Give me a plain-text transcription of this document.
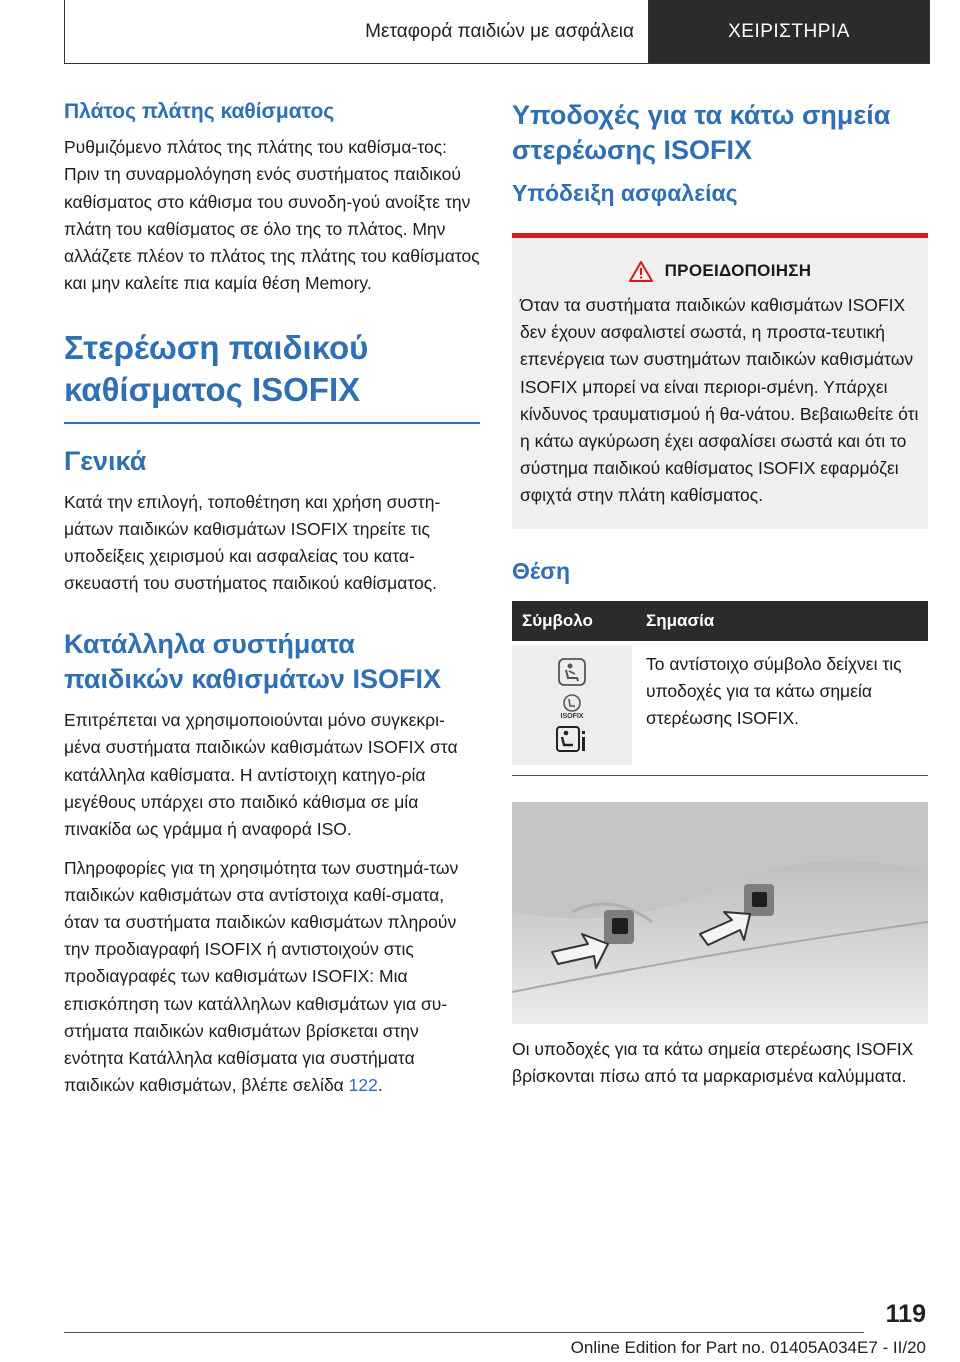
Μεταφορά παιδιών με ασφάλεια	ΧΕΙΡΙΣΤΗΡΙΑ
Πλάτος πλάτης καθίσματος

Ρυθμιζόμενο πλάτος της πλάτης του καθίσμα-τος: Πριν τη συναρμολόγηση ενός συστήματος παιδικού καθίσματος στο κάθισμα του συνοδη-γού ανοίξτε την πλάτη του καθίσματος σε όλο της το πλάτος. Μην αλλάζετε πλέον το πλάτος της πλάτης του καθίσματος και μην καλείτε πια καμία θέση Memory.

Στερέωση παιδικού καθίσματος ISOFIX
Γενικά

Κατά την επιλογή, τοποθέτηση και χρήση συστη-μάτων παιδικών καθισμάτων ISOFIX τηρείτε τις υποδείξεις χειρισμού και ασφαλείας του κατα-σκευαστή του συστήματος παιδικού καθίσματος.

Κατάλληλα συστήματα παιδικών καθισμάτων ISOFIX

Επιτρέπεται να χρησιμοποιούνται μόνο συγκεκρι-μένα συστήματα παιδικών καθισμάτων ISOFIX στα κατάλληλα καθίσματα. Η αντίστοιχη κατηγο-ρία μεγέθους υπάρχει στο παιδικό κάθισμα σε μία πινακίδα ως γράμμα ή αναφορά ISO.

Πληροφορίες για τη χρησιμότητα των συστημά-των παιδικών καθισμάτων στα αντίστοιχα καθί-σματα, όταν τα συστήματα παιδικών καθισμάτων πληρούν την προδιαγραφή ISOFIX ή αντιστοιχούν στις προδιαγραφές των καθισμάτων ISOFIX: Μια επισκόπηση των κατάλληλων καθισμάτων για συ-στήματα παιδικών καθισμάτων βρίσκεται στην ενότητα Κατάλληλα καθίσματα για συστήματα παιδικών καθισμάτων, βλέπε σελίδα 122.

Υποδοχές για τα κάτω σημεία στερέωσης ISOFIX
Υπόδειξη ασφαλείας
ΠΡΟΕΙΔΟΠΟΙΗΣΗ

Όταν τα συστήματα παιδικών καθισμάτων ISOFIX δεν έχουν ασφαλιστεί σωστά, η προστα-τευτική επενέργεια των συστημάτων παιδικών καθισμάτων ISOFIX μπορεί να είναι περιορι-σμένη. Υπάρχει κίνδυνος τραυματισμού ή θα-νάτου. Βεβαιωθείτε ότι η κάτω αγκύρωση έχει ασφαλίσει σωστά και ότι το σύστημα παιδικού καθίσματος ISOFIX εφαρμόζει σφιχτά στην πλάτη καθίσματος.

Θέση
Σύμβολο	Σημασία
ISOFIX
Το αντίστοιχο σύμβολο δείχνει τις υποδοχές για τα κάτω σημεία στερέωσης ISOFIX.

Οι υποδοχές για τα κάτω σημεία στερέωσης ISOFIX βρίσκονται πίσω από τα μαρκαρισμένα καλύμματα.

119
Online Edition for Part no. 01405A034E7 - II/20
